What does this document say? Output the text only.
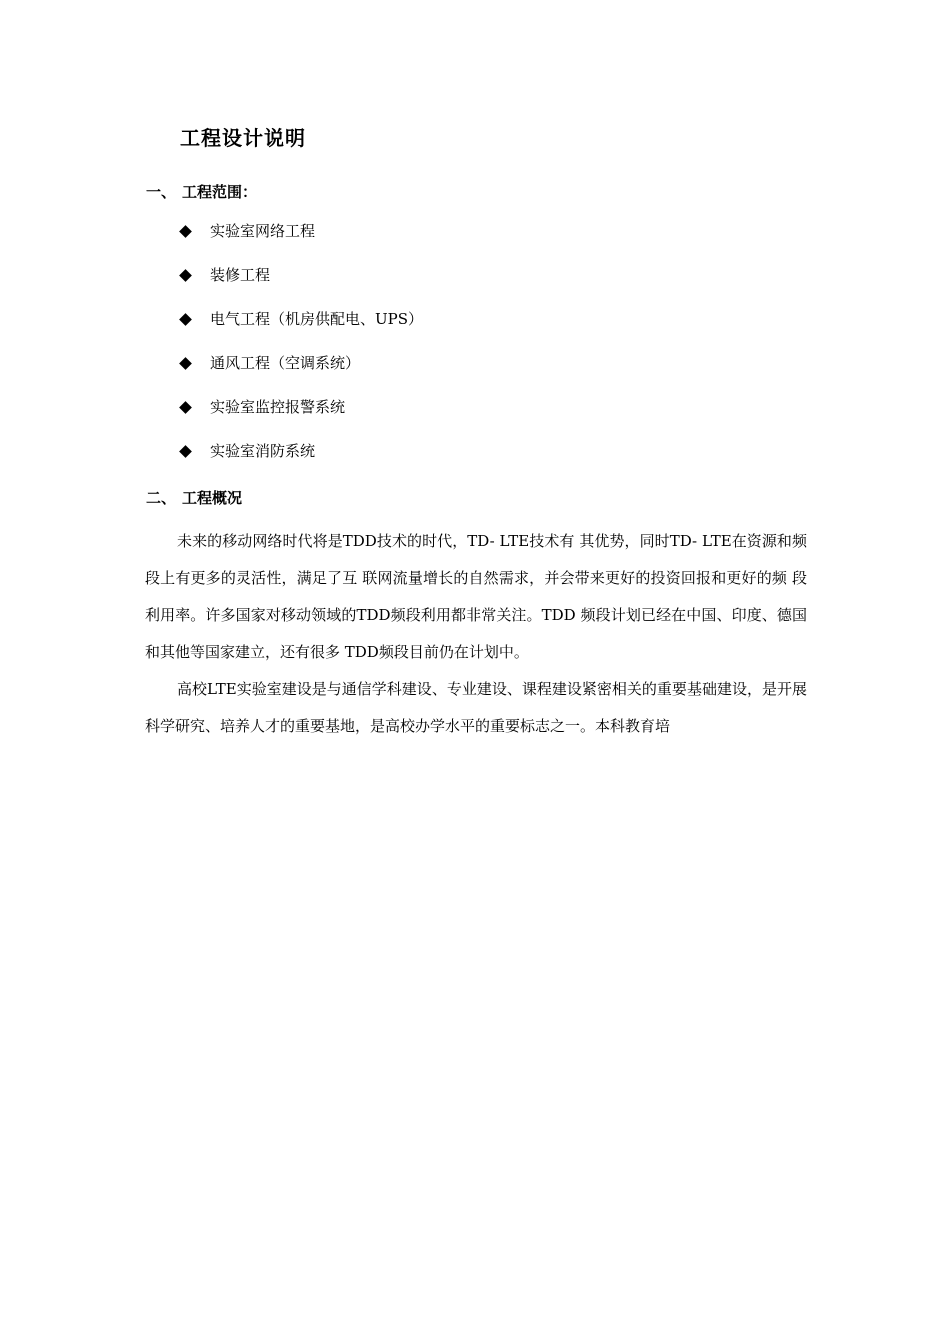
工程设计说明
一、 工程范围：
实验室网络工程
装修工程
电气工程（机房供配电、UPS）
通风工程（空调系统）
实验室监控报警系统
实验室消防系统
二、 工程概况

未来的移动网络时代将是TDD技术的时代，TD- LTE技术有 其优势，同时TD- LTE在资源和频段上有更多的灵活性，满足了互 联网流量增长的自然需求，并会带来更好的投资回报和更好的频 段利用率。许多国家对移动领域的TDD频段利用都非常关注。TDD 频段计划已经在中国、印度、德国和其他等国家建立，还有很多 TDD频段目前仍在计划中。

高校LTE实验室建设是与通信学科建设、专业建设、课程建设紧密相关的重要基础建设，是开展科学研究、培养人才的重要基地，是高校办学水平的重要标志之一。本科教育培
